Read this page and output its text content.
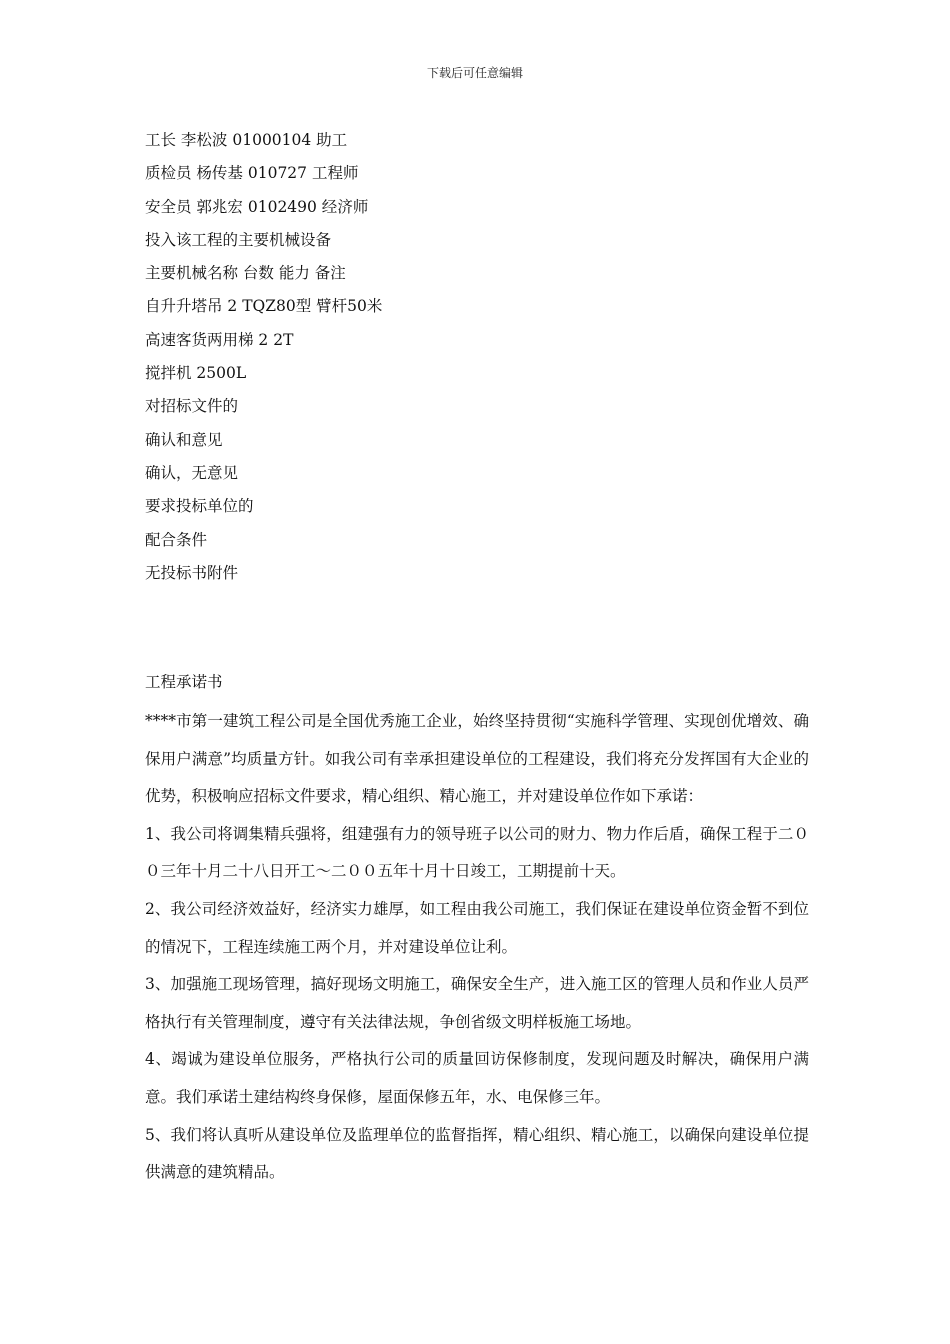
下载后可任意编辑
工长 李松波 01000104 助工
质检员 杨传基 010727 工程师
安全员 郭兆宏 0102490 经济师
投入该工程的主要机械设备
主要机械名称 台数 能力 备注
自升升塔吊 2 TQZ80型 臂杆50米
高速客货两用梯 2 2T
搅拌机 2500L
对招标文件的
确认和意见
确认，无意见
要求投标单位的
配合条件
无投标书附件
工程承诺书

****市第一建筑工程公司是全国优秀施工企业，始终坚持贯彻“实施科学管理、实现创优增效、确保用户满意”均质量方针。如我公司有幸承担建设单位的工程建设，我们将充分发挥国有大企业的优势，积极响应招标文件要求，精心组织、精心施工，并对建设单位作如下承诺：

1、我公司将调集精兵强将，组建强有力的领导班子以公司的财力、物力作后盾，确保工程于二００三年十月二十八日开工～二００五年十月十日竣工，工期提前十天。

2、我公司经济效益好，经济实力雄厚，如工程由我公司施工，我们保证在建设单位资金暂不到位的情况下，工程连续施工两个月，并对建设单位让利。

3、加强施工现场管理，搞好现场文明施工，确保安全生产，进入施工区的管理人员和作业人员严格执行有关管理制度，遵守有关法律法规，争创省级文明样板施工场地。

4、竭诚为建设单位服务，严格执行公司的质量回访保修制度，发现问题及时解决，确保用户满意。我们承诺土建结构终身保修，屋面保修五年，水、电保修三年。

5、我们将认真听从建设单位及监理单位的监督指挥，精心组织、精心施工，以确保向建设单位提供满意的建筑精品。
